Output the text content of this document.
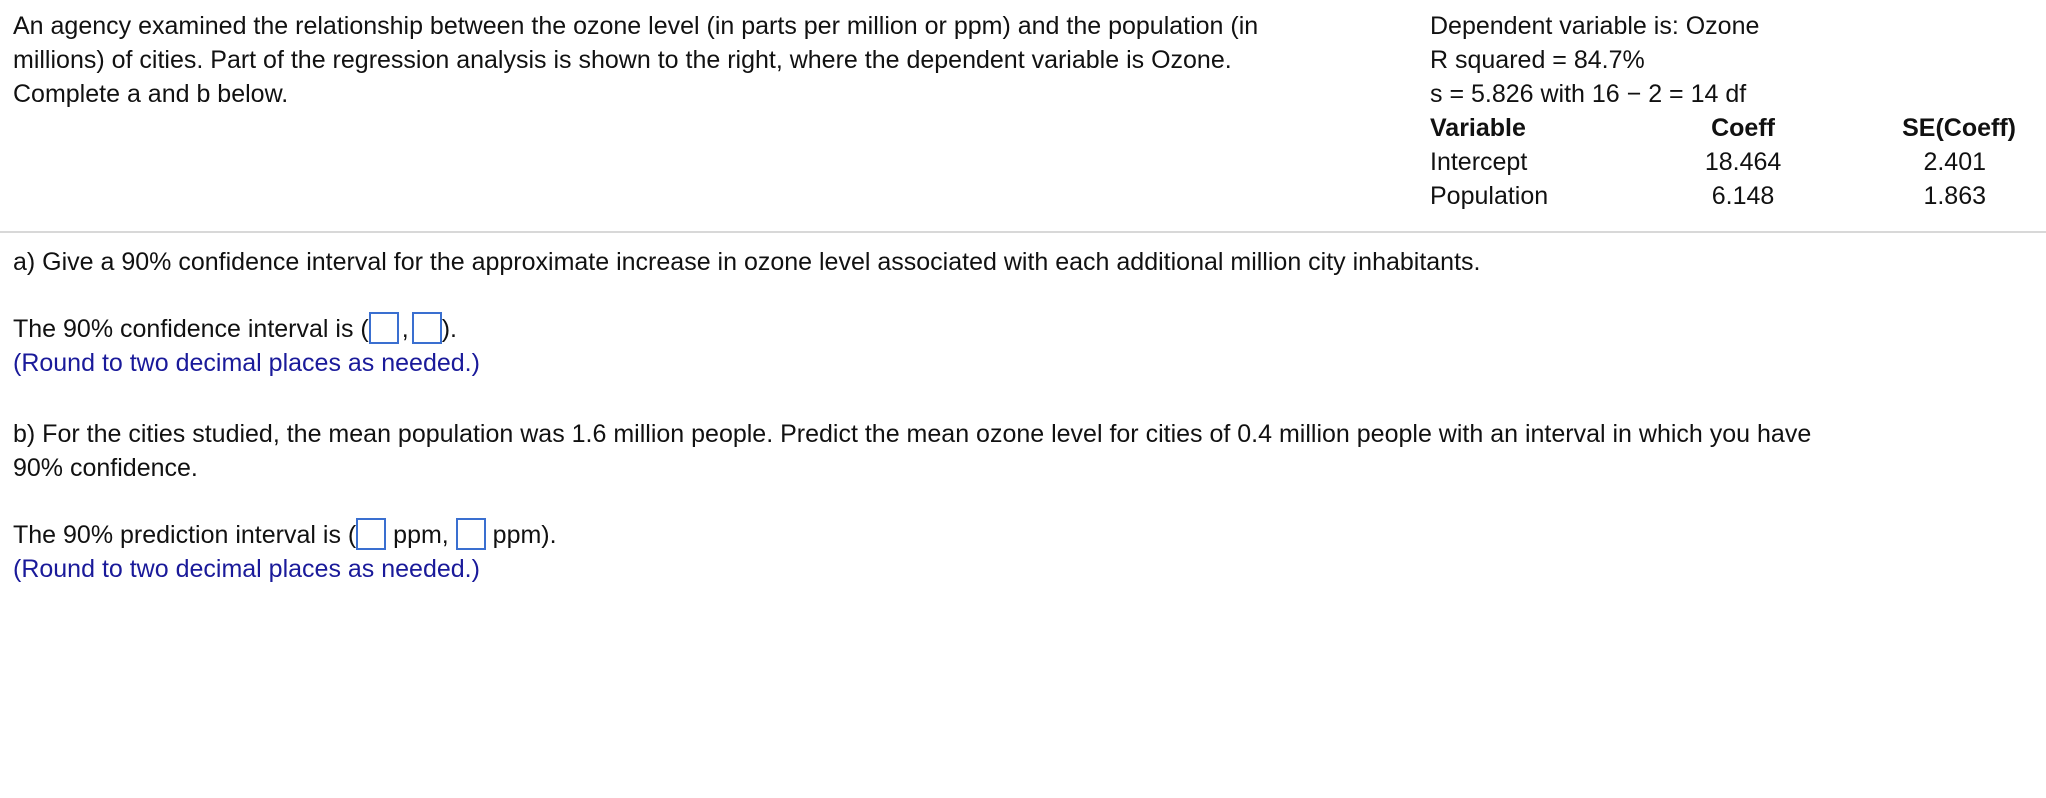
An agency examined the relationship between the ozone level (in parts per million or ppm) and the population (in

millions) of cities. Part of the regression analysis is shown to the right, where the dependent variable is Ozone.

Complete a and b below.

Dependent variable is: Ozone
R squared = 84.7%
s = 5.826 with 16 − 2 = 14 df
Variable	Coeff	SE(Coeff)
Intercept	18.464	2.401
Population	6.148	1.863

a) Give a 90% confidence interval for the approximate increase in ozone level associated with each additional million city inhabitants.

The 90% confidence interval is ( , ).

(Round to two decimal places as needed.)

b) For the cities studied, the mean population was 1.6 million people. Predict the mean ozone level for cities of 0.4 million people with an interval in which you have

90% confidence.

The 90% prediction interval is ( ppm, ppm).

(Round to two decimal places as needed.)
